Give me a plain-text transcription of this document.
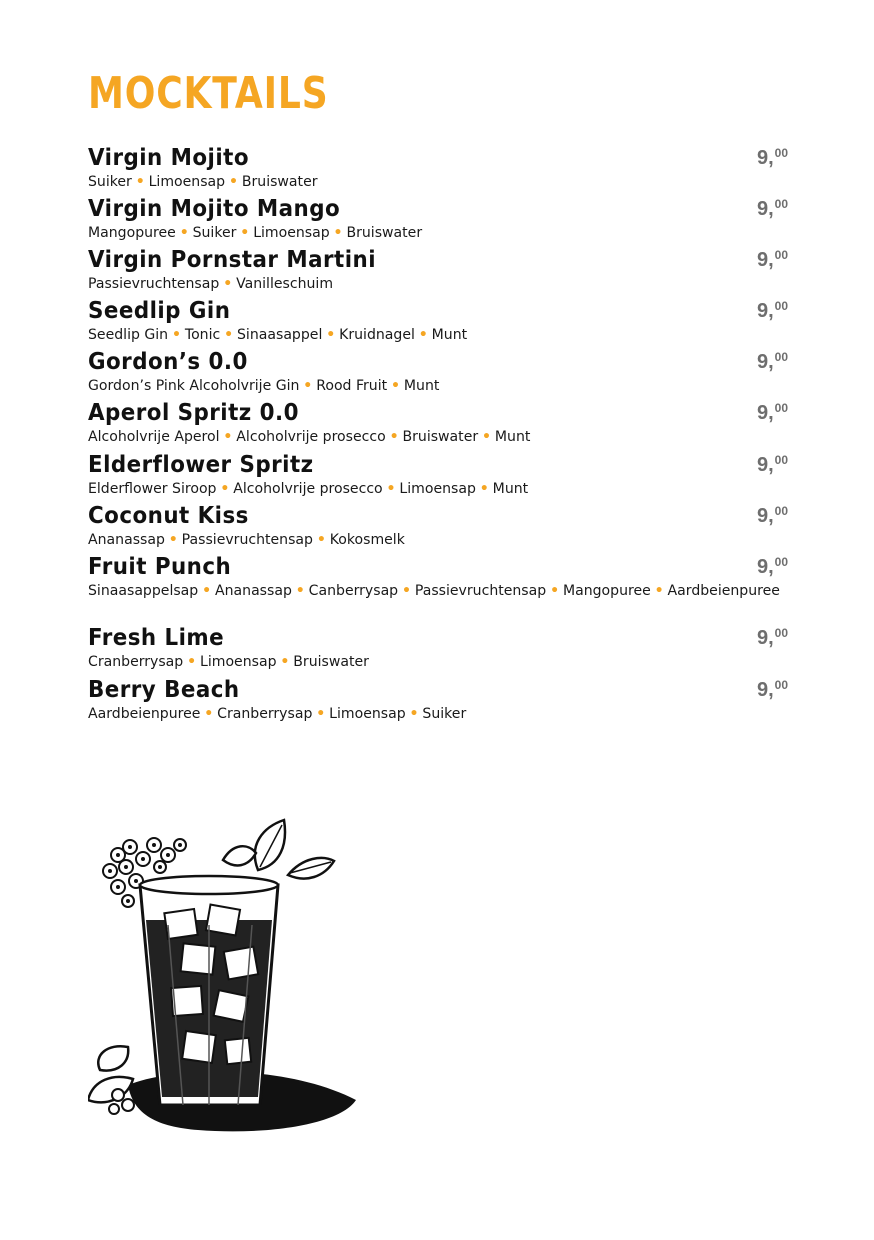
MOCKTAILS
Virgin Mojito
Suiker • Limoensap • Bruiswater
9,00
Virgin Mojito Mango
Mangopuree • Suiker • Limoensap • Bruiswater
9,00
Virgin Pornstar Martini
Passievruchtensap • Vanilleschuim
9,00
Seedlip Gin
Seedlip Gin • Tonic • Sinaasappel • Kruidnagel • Munt
9,00
Gordon’s 0.0
Gordon’s Pink Alcoholvrije Gin • Rood Fruit • Munt
9,00
Aperol Spritz 0.0
Alcoholvrije Aperol • Alcoholvrije prosecco • Bruiswater • Munt
9,00
Elderflower Spritz
Elderflower Siroop • Alcoholvrije prosecco • Limoensap • Munt
9,00
Coconut Kiss
Ananassap • Passievruchtensap • Kokosmelk
9,00
Fruit Punch
Sinaasappelsap • Ananassap • Canberrysap • Passievruchtensap • Mangopuree • Aardbeienpuree
9,00
Fresh Lime
Cranberrysap • Limoensap • Bruiswater
9,00
Berry Beach
Aardbeienpuree • Cranberrysap • Limoensap • Suiker
9,00
